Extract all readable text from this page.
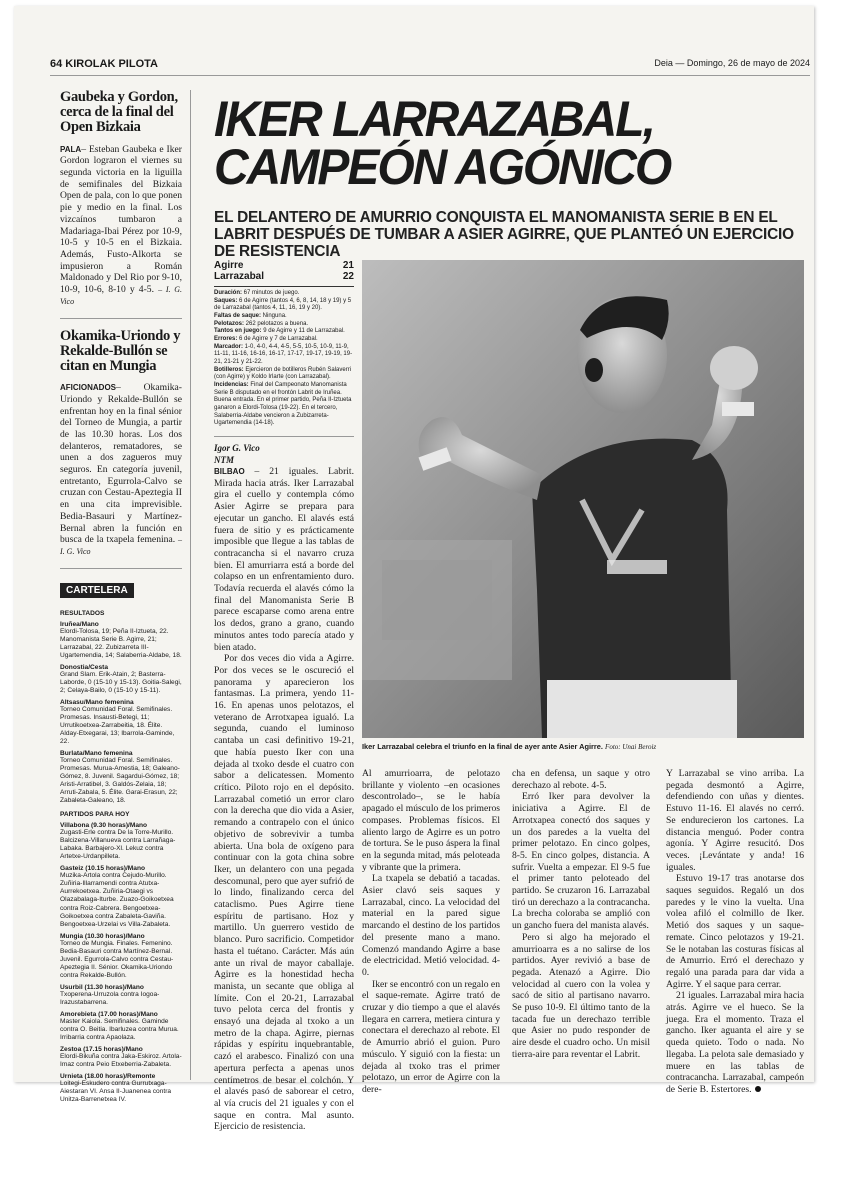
64 KIROLAK PILOTA	Deia — Domingo, 26 de mayo de 2024
Gaubeka y Gordon, cerca de la final del Open Bizkaia

PALA– Esteban Gaubeka e Iker Gordon lograron el viernes su segunda victoria en la liguilla de semifinales del Bizkaia Open de pala, con lo que ponen pie y medio en la final. Los vizcaínos tumbaron a Madariaga-Ibai Pérez por 10-9, 10-5 y 10-5 en el Bizkaia. Además, Fusto-Alkorta se impusieron a Román Maldonado y Del Rio por 9-10, 10-9, 10-6, 8-10 y 4-5. – I. G. Vico

Okamika-Uriondo y Rekalde-Bullón se citan en Mungia

AFICIONADOS– Okamika-Uriondo y Rekalde-Bullón se enfrentan hoy en la final sénior del Torneo de Mungia, a partir de las 10.30 horas. Los dos delanteros, rematadores, se unen a dos zagueros muy seguros. En categoría juvenil, entretanto, Egurrola-Calvo se cruzan con Cestau-Apeztegia II en una cita imprevisible. Bedia-Basauri y Martínez-Bernal abren la función en busca de la txapela femenina. – I. G. Vico

CARTELERA
RESULTADOS
Iruñea/Mano
Elordi-Tolosa, 19; Peña II-Iztueta, 22. Manomanista Serie B. Agirre, 21; Larrazabal, 22. Zubizarreta III-Ugartemendia, 14; Salaberria-Aldabe, 18.
Donostia/Cesta
Grand Slam. Erik-Atain, 2; Basterra-Laborde, 0 (15-10 y 15-13). Goitia-Salegi, 2; Celaya-Bailo, 0 (15-10 y 15-11).
Altsasu/Mano femenina
Torneo Comunidad Foral. Semifinales. Promesas. Insausti-Betegi, 11; Urrutikoetxea-Zarrabeitia, 18. Élite. Alday-Etxegarai, 13; Ibarrola-Gaminde, 22.
Burlata/Mano femenina
Torneo Comunidad Foral. Semifinales. Promesas. Murua-Amestia, 18; Galeano-Gómez, 8. Juvenil. Sagardui-Gómez, 18; Aristi-Arratibel, 3. Galdós-Zelaia, 18; Arruti-Zabala, 5. Élite. Garai-Erasun, 22; Zabaleta-Galeano, 18.
PARTIDOS PARA HOY
Villabona (9.30 horas)/Mano
Zugasti-Erle contra De la Torre-Murillo. Balcizena-Villanueva contra Larrañaga-Labaka. Barbajero-Xl. Lekuz contra Artetxe-Urdanpilleta.
Gasteiz (10.15 horas)/Mano
Muzika-Artola contra Cejudo-Murillo. Zuñiria-Illarramendi contra Atutxa-Aurrekoetxea. Zuñiria-Otaegi vs Olazabalaga-Iturbe. Zuazo-Goikoetxea contra Roiz-Cabrera. Bengoetxea-Goikoetxea contra Zabaleta-Gaviña. Bengoetxea-Urzelai vs Villa-Zabaleta.
Mungia (10.30 horas)/Mano
Torneo de Mungia. Finales. Femenino. Bedia-Basauri contra Martínez-Bernal. Juvenil. Egurrola-Calvo contra Cestau-Apeztegia II. Sénior. Okamika-Uriondo contra Rekalde-Bullón.
Usurbil (11.30 horas)/Mano
Txoperena-Urruzola contra Iogoa-Irazustabarrena.
Amorebieta (17.00 horas)/Mano
Master Kaiola. Semifinales. Gaminde contra O. Beitia. Ibarluzea contra Murua. Irribarria contra Apaolaza.
Zestoa (17.15 horas)/Mano
Elordi-Bikuña contra Jaka-Eskiroz. Artola-Imaz contra Peio Etxeberria-Zabaleta.
Urnieta (18.00 horas)/Remonte
Loitegi-Eskudero contra Gurrutxaga-Aiestaran VI. Ansa II-Juanenea contra Unitza-Barrenetxea IV.
IKER LARRAZABAL,
CAMPEÓN AGÓNICO
EL DELANTERO DE AMURRIO CONQUISTA EL MANOMANISTA SERIE B EN EL LABRIT DESPUÉS DE TUMBAR A ASIER AGIRRE, QUE PLANTEÓ UN EJERCICIO DE RESISTENCIA
Agirre	21
Larrazabal	22
Duración: 67 minutos de juego.
Saques: 6 de Agirre (tantos 4, 6, 8, 14, 18 y 19) y 5 de Larrazabal (tantos 4, 11, 16, 19 y 20).
Faltas de saque: Ninguna.
Pelotazos: 262 pelotazos a buena.
Tantos en juego: 9 de Agirre y 11 de Larrazabal.
Errores: 6 de Agirre y 7 de Larrazabal.
Marcador: 1-0, 4-0, 4-4, 4-5, 5-5, 10-5, 10-9, 11-9, 11-11, 11-16, 16-16, 16-17, 17-17, 19-17, 19-19, 19-21, 21-21 y 21-22.
Botilleros: Ejercieron de botilleros Rubén Salaverri (con Agirre) y Koldo Irlarte (con Larrazabal).
Incidencias: Final del Campeonato Manomanista Serie B disputado en el frontón Labrit de Iruñea. Buena entrada. En el primer partido, Peña II-Iztueta ganaron a Elordi-Tolosa (19-22). En el tercero, Salaberria-Aldabe vencieron a Zubizarreta-Ugartemendia (14-18).
Igor G. Vico
NTM

BILBAO – 21 iguales. Labrit. Mirada hacia atrás. Iker Larrazabal gira el cuello y contempla cómo Asier Agirre se prepara para ejecutar un gancho. El alavés está fuera de sitio y es prácticamente imposible que llegue a las tablas de contracancha si el navarro cruza bien. El amurriarra está a borde del colapso en un enfrentamiento duro. Todavía recuerda el alavés cómo la final del Manomanista Serie B parece escaparse como arena entre los dedos, grano a grano, cuando minutos antes todo parecía atado y bien atado.

Por dos veces dio vida a Agirre. Por dos veces se le oscureció el panorama y aparecieron los fantasmas. La primera, yendo 11-16. En apenas unos pelotazos, el veterano de Arrotxapea igualó. La segunda, cuando el luminoso cantaba un casi definitivo 19-21, que había puesto Iker con una dejada al txoko desde el cuatro con sabor a delicatessen. Momento crítico. Piloto rojo en el depósito. Larrazabal cometió un error claro con la derecha que dio vida a Asier, remando a contrapelo con el único objetivo de sobrevivir a tumba abierta. Una bola de oxígeno para continuar con la gota china sobre Iker, un delantero con una pegada descomunal, pero que ayer sufrió de lo lindo, finalizando cerca del cataclismo. Pues Agirre tiene espíritu de partisano. Hoz y martillo. Un guerrero vestido de blanco. Puro sacrificio. Competidor hasta el tuétano. Carácter. Más aún ante un rival de mayor caballaje. Agirre es la honestidad hecha manista, un secante que obliga al límite. Con el 20-21, Larrazabal tuvo pelota cerca del frontis y ensayó una dejada al txoko a un metro de la chapa. Agirre, piernas rápidas y espíritu inquebrantable, cazó el arabesco. Finalizó con una apertura perfecta a apenas unos centímetros de besar el colchón. Y el alavés pasó de saborear el cetro, al vía crucis del 21 iguales y con el saque en contra. Mal asunto. Ejercicio de resistencia.

Iker Larrazabal celebra el triunfo en la final de ayer ante Asier Agirre. Foto: Unai Beroiz

Al amurrioarra, de pelotazo brillante y violento –en ocasiones descontrolado–, se le había apagado el músculo de los primeros compases. Problemas físicos. El aliento largo de Agirre es un potro de tortura. Se le puso áspera la final en la segunda mitad, más peloteada y vibrante que la primera.

La txapela se debatió a tacadas. Asier clavó seis saques y Larrazabal, cinco. La velocidad del material en la pared sigue marcando el destino de los partidos del presente mano a mano. Comenzó mandando Agirre a base de electricidad. Metió velocidad. 4-0.

Iker se encontró con un regalo en el saque-remate. Agirre trató de cruzar y dio tiempo a que el alavés llegara en carrera, metiera cintura y conectara el derechazo al rebote. El de Amurrio abrió el guion. Puro músculo. Y siguió con la fiesta: un dejada al txoko tras el primer pelotazo, un error de Agirre con la dere-

cha en defensa, un saque y otro derechazo al rebote. 4-5.

Erró Iker para devolver la iniciativa a Agirre. El de Arrotxapea conectó dos saques y un dos paredes a la vuelta del primer pelotazo. En cinco golpes, 8-5. En cinco golpes, distancia. A sufrir. Vuelta a empezar. El 9-5 fue el primer tanto peloteado del partido. Se cruzaron 16. Larrazabal tiró un derechazo a la contracancha. La brecha coloraba se amplió con un gancho fuera del manista alavés.

Pero si algo ha mejorado el amurrioarra es a no salirse de los partidos. Ayer revivió a base de pegada. Atenazó a Agirre. Dio velocidad al cuero con la volea y sacó de sitio al partisano navarro. Se puso 10-9. El último tanto de la tacada fue un derechazo terrible que Asier no pudo responder de aire desde el cuadro ocho. Un misil tierra-aire para reventar el Labrit.

Y Larrazabal se vino arriba. La pegada desmontó a Agirre, defendiendo con uñas y dientes. Estuvo 11-16. El alavés no cerró. Se endurecieron los cartones. La distancia menguó. Poder contra agonía. Y Agirre resucitó. Dos veces. ¡Levántate y anda! 16 iguales.

Estuvo 19-17 tras anotarse dos saques seguidos. Regaló un dos paredes y le vino la vuelta. Una volea afiló el colmillo de Iker. Metió dos saques y un saque-remate. Cinco pelotazos y 19-21. Se le notaban las costuras físicas al de Amurrio. Erró el derechazo y regaló una parada para dar vida a Agirre. Y el saque para cerrar.

21 iguales. Larrazabal mira hacia atrás. Agirre ve el hueco. Se la juega. Era el momento. Traza el gancho. Iker aguanta el aire y se queda quieto. Todo o nada. No llegaba. La pelota sale demasiado y muere en las tablas de contracancha. Larrazabal, campeón de Serie B. Estertores.
